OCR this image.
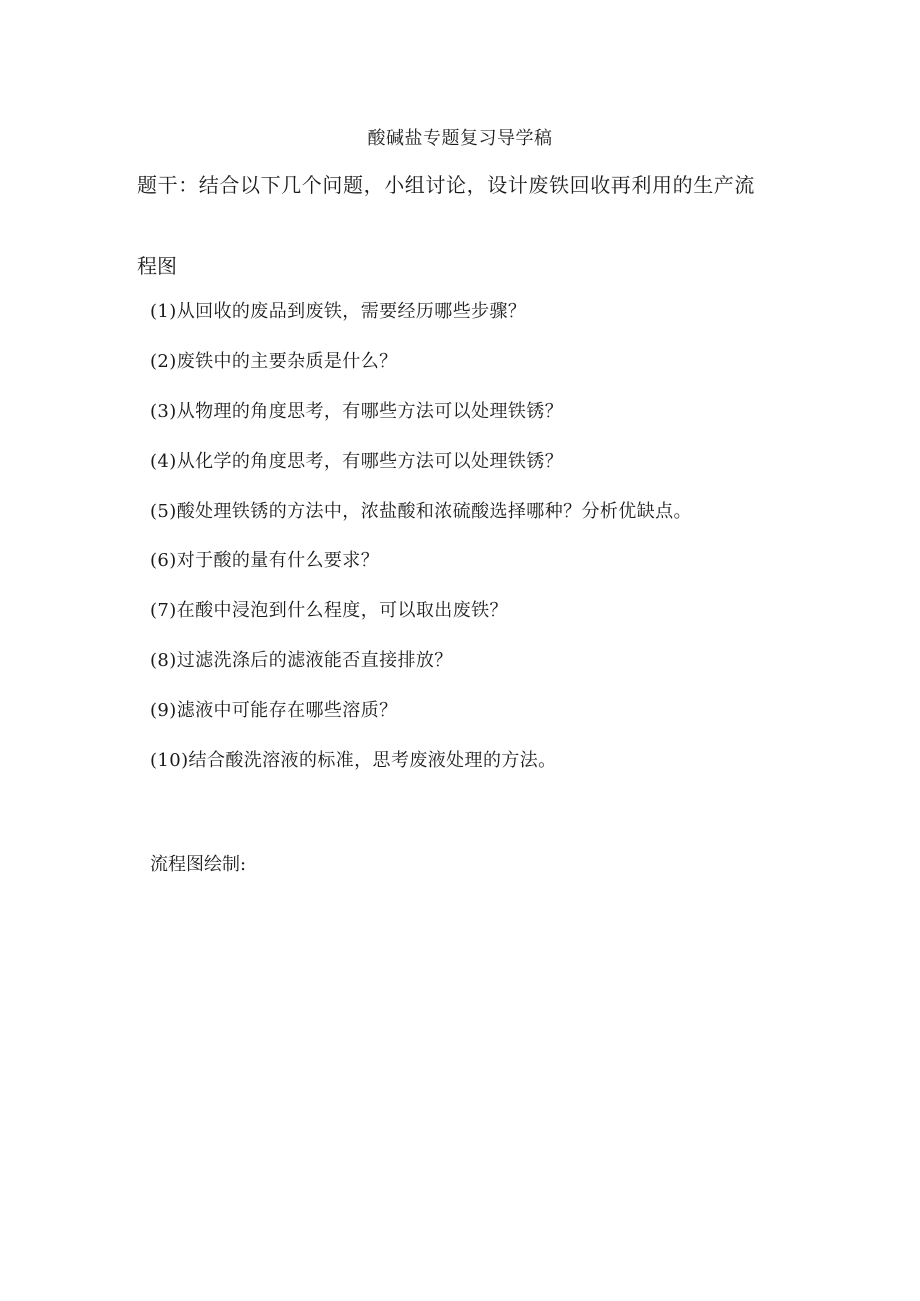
酸碱盐专题复习导学稿
题干：结合以下几个问题，小组讨论，设计废铁回收再利用的生产流
程图
(1)从回收的废品到废铁，需要经历哪些步骤？
(2)废铁中的主要杂质是什么？
(3)从物理的角度思考，有哪些方法可以处理铁锈？
(4)从化学的角度思考，有哪些方法可以处理铁锈？
(5)酸处理铁锈的方法中，浓盐酸和浓硫酸选择哪种？分析优缺点。
(6)对于酸的量有什么要求？
(7)在酸中浸泡到什么程度，可以取出废铁？
(8)过滤洗涤后的滤液能否直接排放？
(9)滤液中可能存在哪些溶质？
(10)结合酸洗溶液的标准，思考废液处理的方法。
流程图绘制:
